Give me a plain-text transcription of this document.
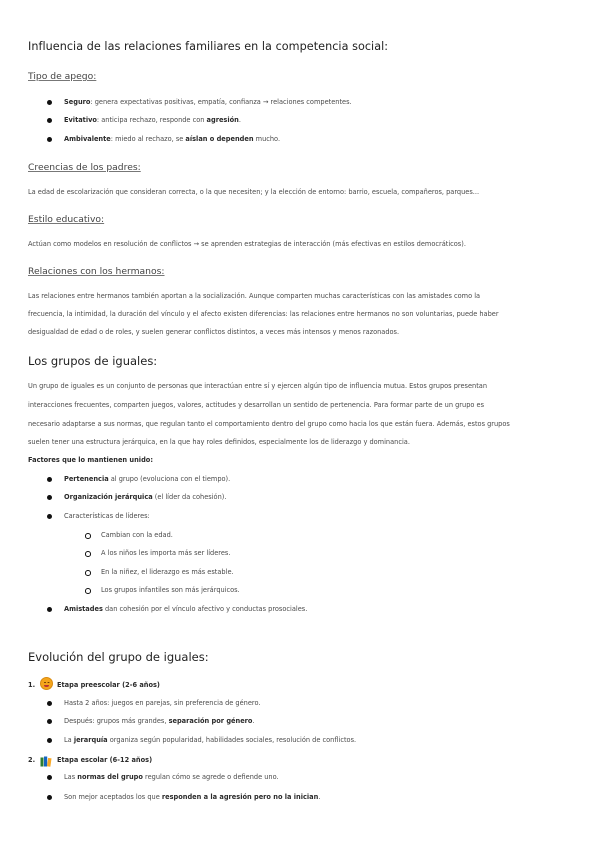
Influencia de las relaciones familiares en la competencia social:
Tipo de apego:
Seguro: genera expectativas positivas, empatía, confianza → relaciones competentes.
Evitativo: anticipa rechazo, responde con agresión.
Ambivalente: miedo al rechazo, se aíslan o dependen mucho.
Creencias de los padres:
La edad de escolarización que consideran correcta, o la que necesiten; y la elección de entorno: barrio, escuela, compañeros, parques...
Estilo educativo:
Actúan como modelos en resolución de conflictos → se aprenden estrategias de interacción (más efectivas en estilos democráticos).
Relaciones con los hermanos:
Las relaciones entre hermanos también aportan a la socialización. Aunque comparten muchas características con las amistades como la
frecuencia, la intimidad, la duración del vínculo y el afecto existen diferencias: las relaciones entre hermanos no son voluntarias, puede haber
desigualdad de edad o de roles, y suelen generar conflictos distintos, a veces más intensos y menos razonados.
Los grupos de iguales:
Un grupo de iguales es un conjunto de personas que interactúan entre sí y ejercen algún tipo de influencia mutua. Estos grupos presentan
interacciones frecuentes, comparten juegos, valores, actitudes y desarrollan un sentido de pertenencia. Para formar parte de un grupo es
necesario adaptarse a sus normas, que regulan tanto el comportamiento dentro del grupo como hacia los que están fuera. Además, estos grupos
suelen tener una estructura jerárquica, en la que hay roles definidos, especialmente los de liderazgo y dominancia.
Factores que lo mantienen unido:
Pertenencia al grupo (evoluciona con el tiempo).
Organización jerárquica (el líder da cohesión).
Características de líderes:
Cambian con la edad.
A los niños les importa más ser líderes.
En la niñez, el liderazgo es más estable.
Los grupos infantiles son más jerárquicos.
Amistades dan cohesión por el vínculo afectivo y conductas prosociales.
Evolución del grupo de iguales:
1.	Etapa preescolar (2-6 años)
Hasta 2 años: juegos en parejas, sin preferencia de género.
Después: grupos más grandes, separación por género.
La jerarquía organiza según popularidad, habilidades sociales, resolución de conflictos.
2.	Etapa escolar (6-12 años)
Las normas del grupo regulan cómo se agrede o defiende uno.
Son mejor aceptados los que responden a la agresión pero no la inician.
